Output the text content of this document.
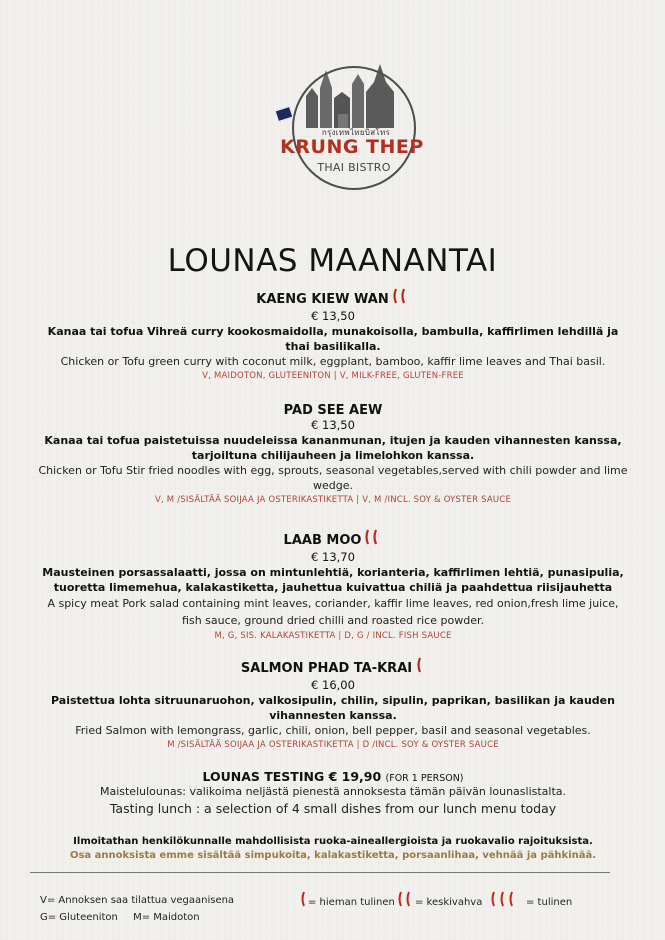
กรุงเทพไทยบิสโทร
KRUNG THEP
THAI BISTRO
LOUNAS MAANANTAI
KAENG KIEW WAN
€ 13,50
Kanaa tai tofua Vihreä curry kookosmaidolla, munakoisolla, bambulla, kaffirlimen lehdillä ja thai basilikalla.
Chicken or Tofu green curry with coconut milk, eggplant, bamboo, kaffir lime leaves and Thai basil.
V, MAIDOTON, GLUTEENITON | V, MILK-FREE, GLUTEN-FREE
PAD SEE AEW
€ 13,50
Kanaa tai tofua paistetuissa nuudeleissa kananmunan, itujen ja kauden vihannesten kanssa, tarjoiltuna chilijauheen ja limelohkon kanssa.
Chicken or Tofu Stir fried noodles with egg, sprouts, seasonal vegetables,served with chili powder and lime wedge.
V, M /SISÄLTÄÄ SOIJAA JA OSTERIKASTIKETTA | V, M /INCL. SOY & OYSTER SAUCE
LAAB MOO
€ 13,70
Mausteinen porsassalaatti, jossa on mintunlehtiä, korianteria, kaffirlimen lehtiä, punasipulia, tuoretta limemehua, kalakastiketta, jauhettua kuivattua chiliä ja paahdettua riisijauhetta
A spicy meat Pork salad containing mint leaves, coriander, kaffir lime leaves, red onion,fresh lime juice, fish sauce, ground dried chilli and roasted rice powder.
M, G, SIS. KALAKASTIKETTA | D, G / INCL. FISH SAUCE
SALMON PHAD TA-KRAI
€ 16,00
Paistettua lohta sitruunaruohon, valkosipulin, chilin, sipulin, paprikan, basilikan ja kauden vihannesten kanssa.
Fried Salmon with lemongrass, garlic, chili, onion, bell pepper, basil and seasonal vegetables.
M /SISÄLTÄÄ SOIJAA JA OSTERIKASTIKETTA | D /INCL. SOY & OYSTER SAUCE
LOUNAS TESTING € 19,90 (FOR 1 PERSON)
Maistelulounas: valikoima neljästä pienestä annoksesta tämän päivän lounaslistalta.
Tasting lunch : a selection of 4 small dishes from our lunch menu today
Ilmoitathan henkilökunnalle mahdollisista ruoka-aineallergioista ja ruokavalio rajoituksista.
Osa annoksista emme sisältää simpukoita, kalakastiketta, porsaanlihaa, vehnää ja pähkinää.
V= Annoksen saa tilattua vegaanisena
G= Gluteeniton M= Maidoton
= hieman tulinen	= keskivahva	= tulinen
